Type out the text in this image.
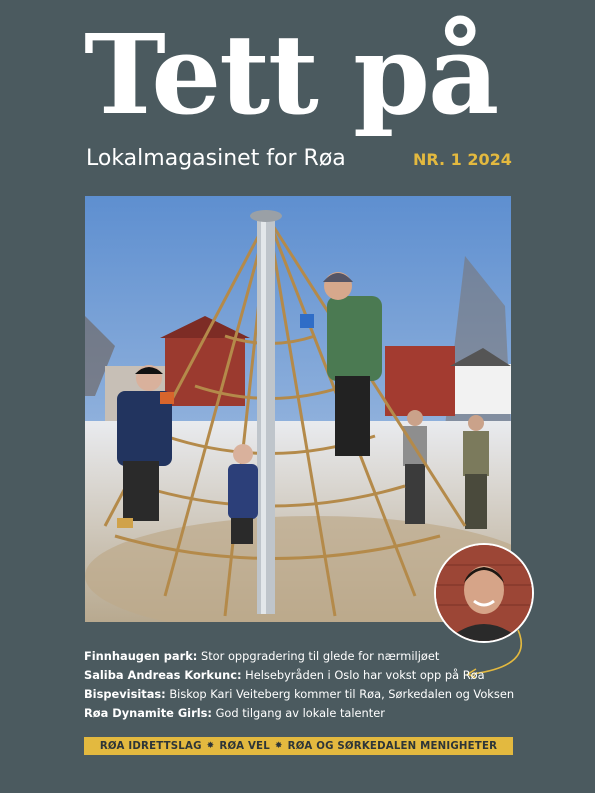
Tett på
Lokalmagasinet for Røa	NR. 1 2024
Finnhaugen park: Stor oppgradering til glede for nærmiljøet
Saliba Andreas Korkunc: Helsebyråden i Oslo har vokst opp på Røa
Bispevisitas: Biskop Kari Veiteberg kommer til Røa, Sørkedalen og Voksen
Røa Dynamite Girls: God tilgang av lokale talenter
RØA IDRETTSLAG ✸ RØA VEL ✸ RØA OG SØRKEDALEN MENIGHETER
